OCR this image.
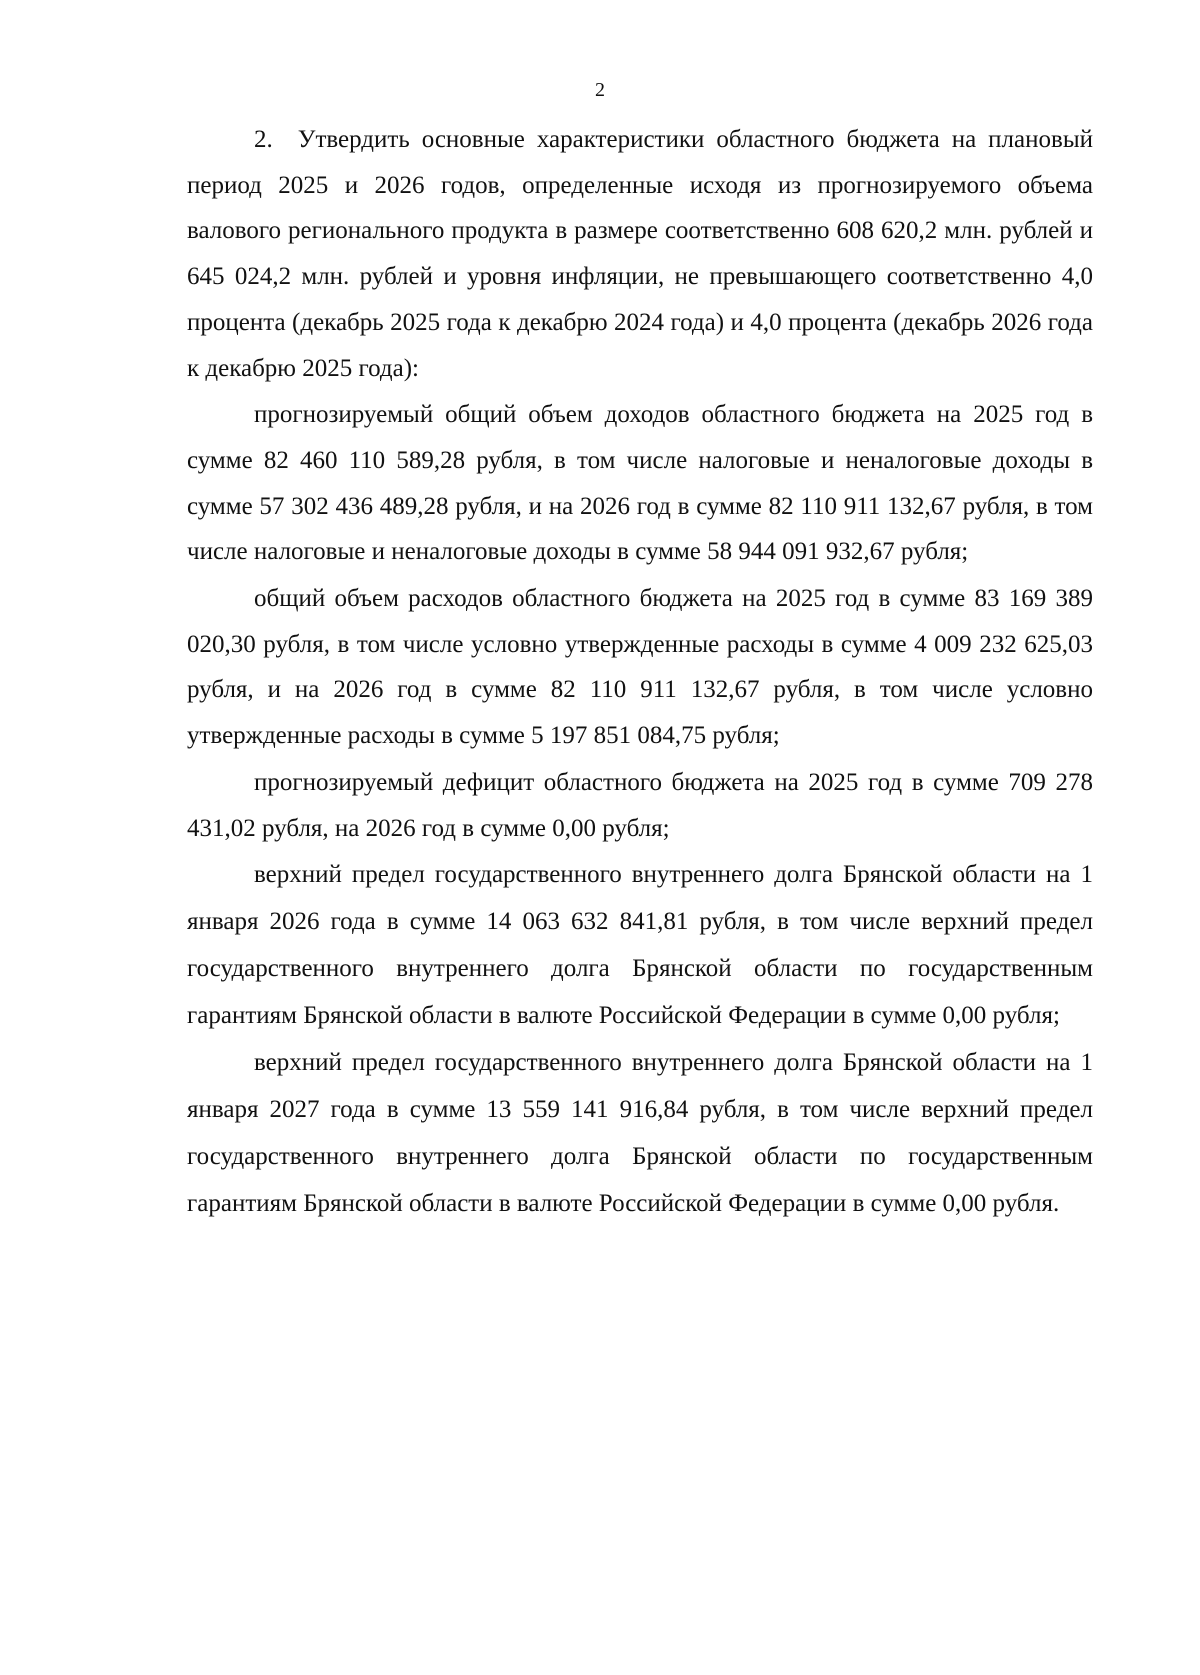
2

2. Утвердить основные характеристики областного бюджета на плановый период 2025 и 2026 годов, определенные исходя из прогнозируемого объема валового регионального продукта в размере соответственно 608 620,2 млн. рублей и 645 024,2 млн. рублей и уровня инфляции, не превышающего соответственно 4,0 процента (декабрь 2025 года к декабрю 2024 года) и 4,0 процента (декабрь 2026 года к декабрю 2025 года):

прогнозируемый общий объем доходов областного бюджета на 2025 год в сумме 82 460 110 589,28 рубля, в том числе налоговые и неналоговые доходы в сумме 57 302 436 489,28 рубля, и на 2026 год в сумме 82 110 911 132,67 рубля, в том числе налоговые и неналоговые доходы в сумме 58 944 091 932,67 рубля;

общий объем расходов областного бюджета на 2025 год в сумме 83 169 389 020,30 рубля, в том числе условно утвержденные расходы в сумме 4 009 232 625,03 рубля, и на 2026 год в сумме 82 110 911 132,67 рубля, в том числе условно утвержденные расходы в сумме 5 197 851 084,75 рубля;

прогнозируемый дефицит областного бюджета на 2025 год в сумме 709 278 431,02 рубля, на 2026 год в сумме 0,00 рубля;

верхний предел государственного внутреннего долга Брянской области на 1 января 2026 года в сумме 14 063 632 841,81 рубля, в том числе верхний предел государственного внутреннего долга Брянской области по государственным гарантиям Брянской области в валюте Российской Федерации в сумме 0,00 рубля;

верхний предел государственного внутреннего долга Брянской области на 1 января 2027 года в сумме 13 559 141 916,84 рубля, в том числе верхний предел государственного внутреннего долга Брянской области по государственным гарантиям Брянской области в валюте Российской Федерации в сумме 0,00 рубля.
